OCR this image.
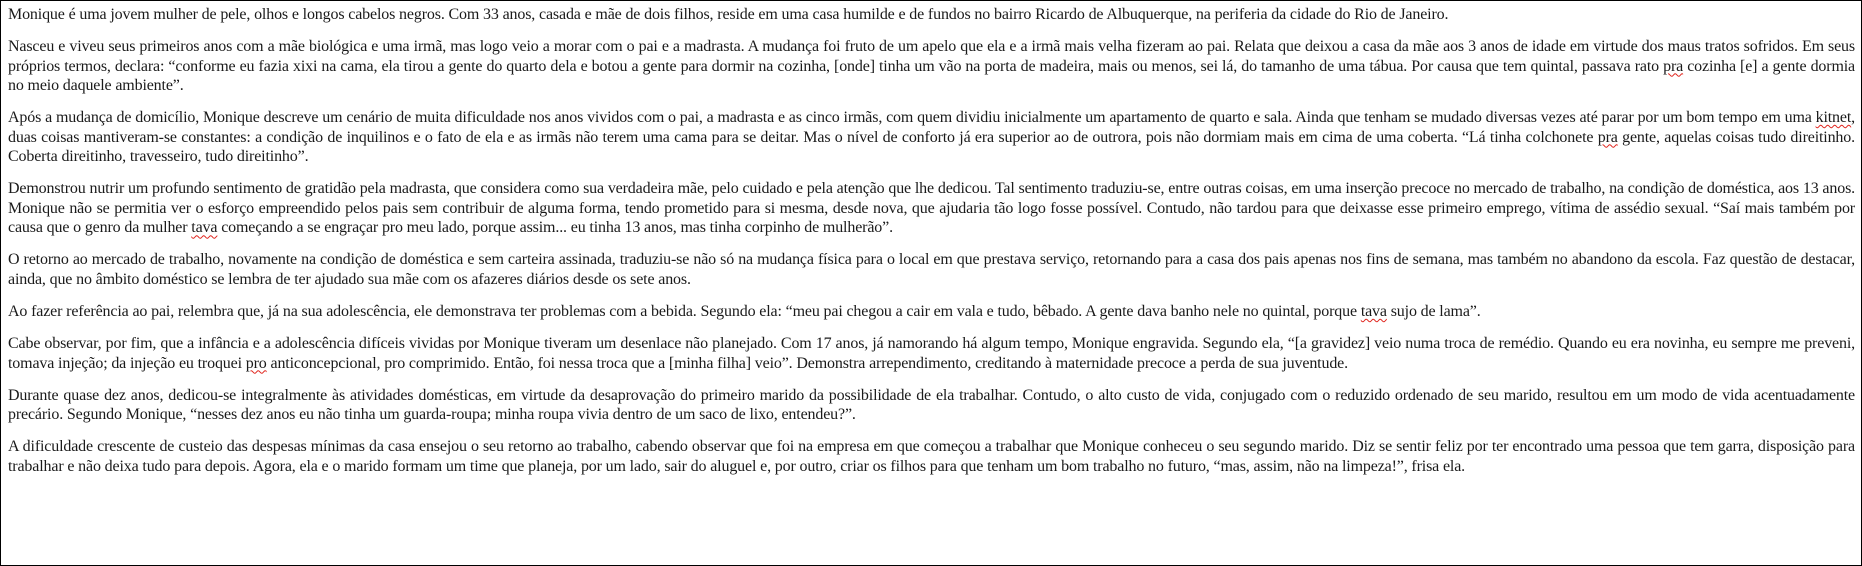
Monique é uma jovem mulher de pele, olhos e longos cabelos negros. Com 33 anos, casada e mãe de dois filhos, reside em uma casa humilde e de fundos no bairro Ricardo de Albuquerque, na periferia da cidade do Rio de Janeiro.

Nasceu e viveu seus primeiros anos com a mãe biológica e uma irmã, mas logo veio a morar com o pai e a madrasta. A mudança foi fruto de um apelo que ela e a irmã mais velha fizeram ao pai. Relata que deixou a casa da mãe aos 3 anos de idade em virtude dos maus tratos sofridos. Em seus próprios termos, declara: “conforme eu fazia xixi na cama, ela tirou a gente do quarto dela e botou a gente para dormir na cozinha, [onde] tinha um vão na porta de madeira, mais ou menos, sei lá, do tamanho de uma tábua. Por causa que tem quintal, passava rato pra cozinha [e] a gente dormia no meio daquele ambiente”.

Após a mudança de domicílio, Monique descreve um cenário de muita dificuldade nos anos vividos com o pai, a madrasta e as cinco irmãs, com quem dividiu inicialmente um apartamento de quarto e sala. Ainda que tenham se mudado diversas vezes até parar por um bom tempo em uma kitnet, duas coisas mantiveram-se constantes: a condição de inquilinos e o fato de ela e as irmãs não terem uma cama para se deitar. Mas o nível de conforto já era superior ao de outrora, pois não dormiam mais em cima de uma coberta. “Lá tinha colchonete pra gente, aquelas coisas tudo direitinho. Coberta direitinho, travesseiro, tudo direitinho”.

Demonstrou nutrir um profundo sentimento de gratidão pela madrasta, que considera como sua verdadeira mãe, pelo cuidado e pela atenção que lhe dedicou. Tal sentimento traduziu-se, entre outras coisas, em uma inserção precoce no mercado de trabalho, na condição de doméstica, aos 13 anos. Monique não se permitia ver o esforço empreendido pelos pais sem contribuir de alguma forma, tendo prometido para si mesma, desde nova, que ajudaria tão logo fosse possível. Contudo, não tardou para que deixasse esse primeiro emprego, vítima de assédio sexual. “Saí mais também por causa que o genro da mulher tava começando a se engraçar pro meu lado, porque assim... eu tinha 13 anos, mas tinha corpinho de mulherão”.

O retorno ao mercado de trabalho, novamente na condição de doméstica e sem carteira assinada, traduziu-se não só na mudança física para o local em que prestava serviço, retornando para a casa dos pais apenas nos fins de semana, mas também no abandono da escola. Faz questão de destacar, ainda, que no âmbito doméstico se lembra de ter ajudado sua mãe com os afazeres diários desde os sete anos.

Ao fazer referência ao pai, relembra que, já na sua adolescência, ele demonstrava ter problemas com a bebida. Segundo ela: “meu pai chegou a cair em vala e tudo, bêbado. A gente dava banho nele no quintal, porque tava sujo de lama”.

Cabe observar, por fim, que a infância e a adolescência difíceis vividas por Monique tiveram um desenlace não planejado. Com 17 anos, já namorando há algum tempo, Monique engravida. Segundo ela, “[a gravidez] veio numa troca de remédio. Quando eu era novinha, eu sempre me preveni, tomava injeção; da injeção eu troquei pro anticoncepcional, pro comprimido. Então, foi nessa troca que a [minha filha] veio”. Demonstra arrependimento, creditando à maternidade precoce a perda de sua juventude.

Durante quase dez anos, dedicou-se integralmente às atividades domésticas, em virtude da desaprovação do primeiro marido da possibilidade de ela trabalhar. Contudo, o alto custo de vida, conjugado com o reduzido ordenado de seu marido, resultou em um modo de vida acentuadamente precário. Segundo Monique, “nesses dez anos eu não tinha um guarda-roupa; minha roupa vivia dentro de um saco de lixo, entendeu?”.

A dificuldade crescente de custeio das despesas mínimas da casa ensejou o seu retorno ao trabalho, cabendo observar que foi na empresa em que começou a trabalhar que Monique conheceu o seu segundo marido. Diz se sentir feliz por ter encontrado uma pessoa que tem garra, disposição para trabalhar e não deixa tudo para depois. Agora, ela e o marido formam um time que planeja, por um lado, sair do aluguel e, por outro, criar os filhos para que tenham um bom trabalho no futuro, “mas, assim, não na limpeza!”, frisa ela.
